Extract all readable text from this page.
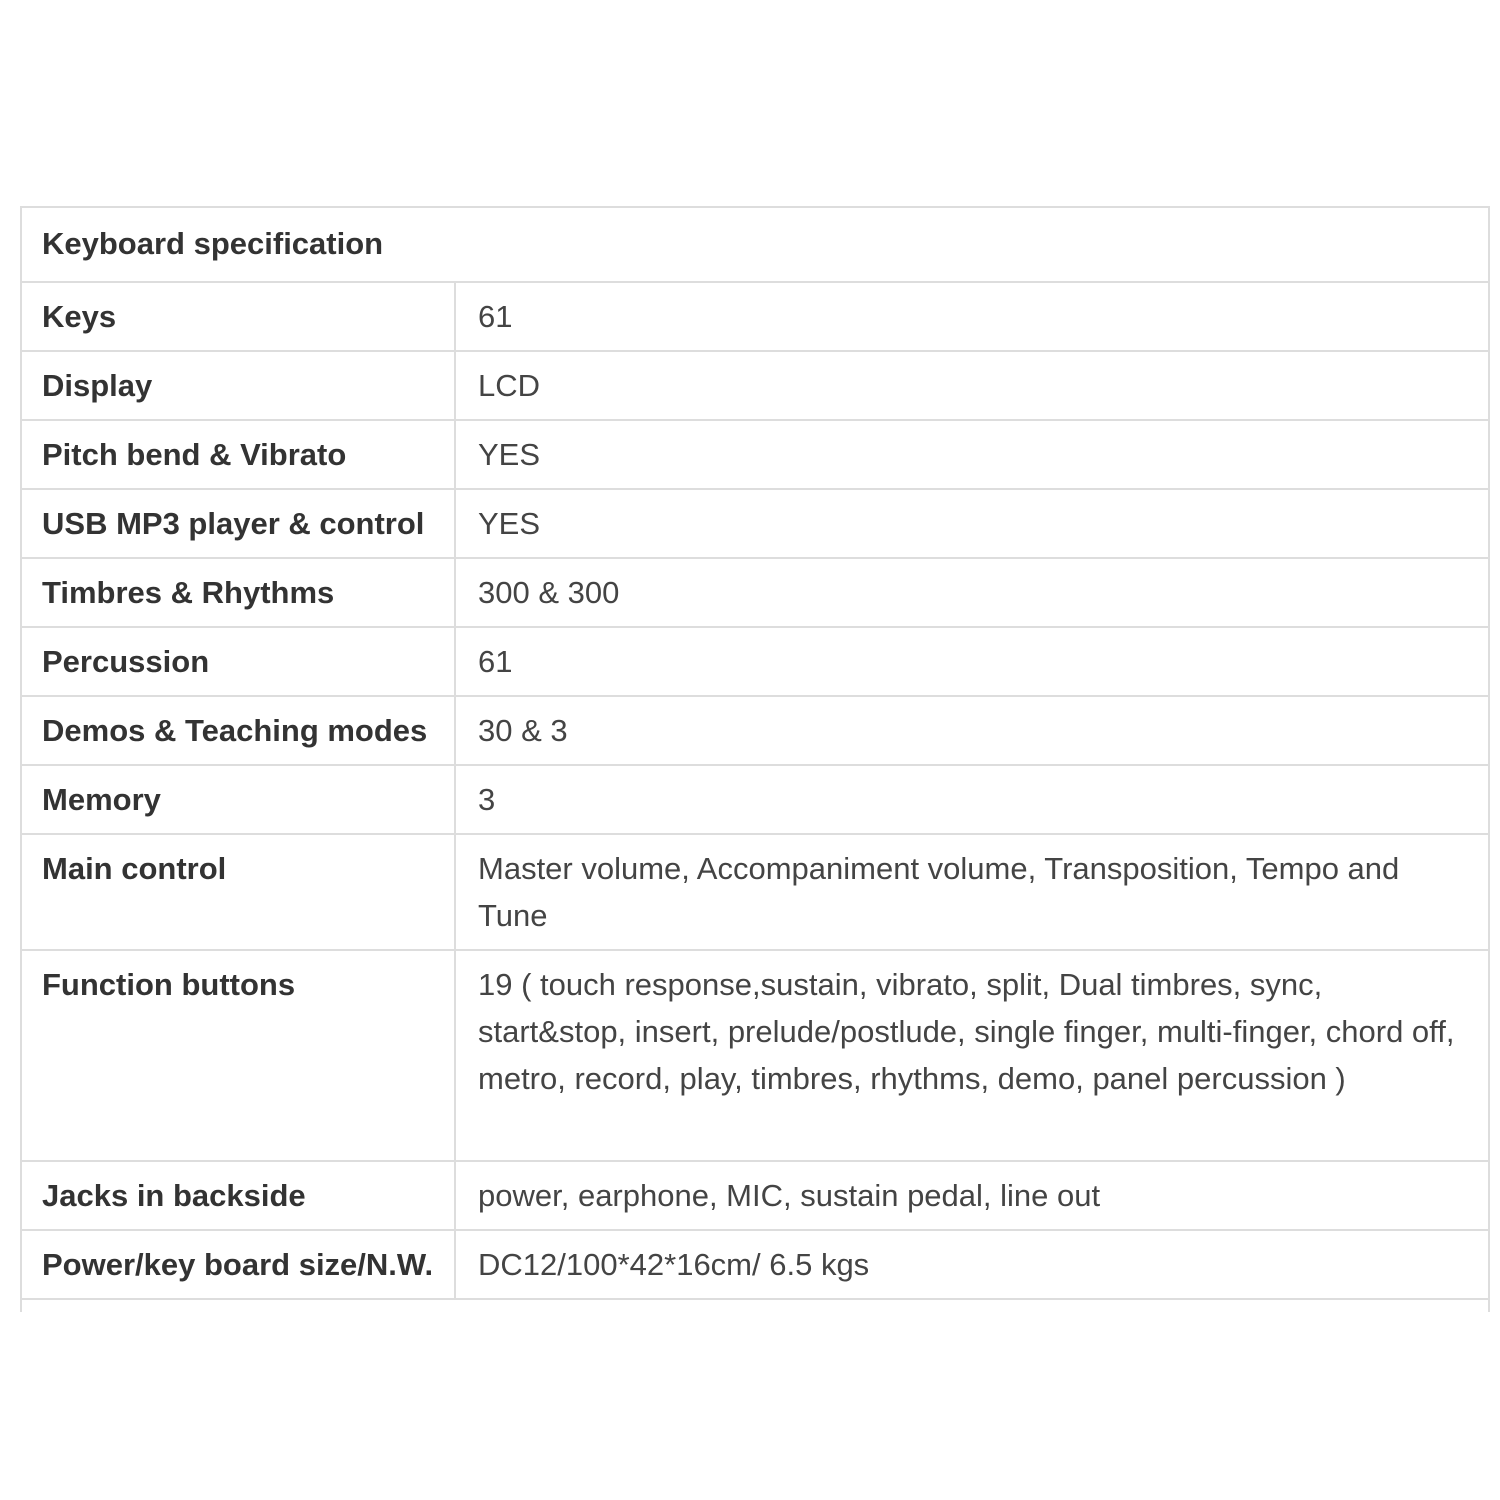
Keyboard specification	
Keys	61
Display	LCD
Pitch bend & Vibrato	YES
USB MP3 player & control	YES
Timbres & Rhythms	300 & 300
Percussion	61
Demos & Teaching modes	30 & 3
Memory	3
Main control	Master volume, Accompaniment volume, Transposition, Tempo and Tune
Function buttons	19 ( touch response,sustain, vibrato, split, Dual timbres, sync, start&stop, insert, prelude/postlude, single finger, multi-finger, chord off, metro, record, play, timbres, rhythms, demo, panel percussion )
Jacks in backside	power, earphone, MIC, sustain pedal, line out
Power/key board size/N.W.	DC12/100*42*16cm/ 6.5 kgs
